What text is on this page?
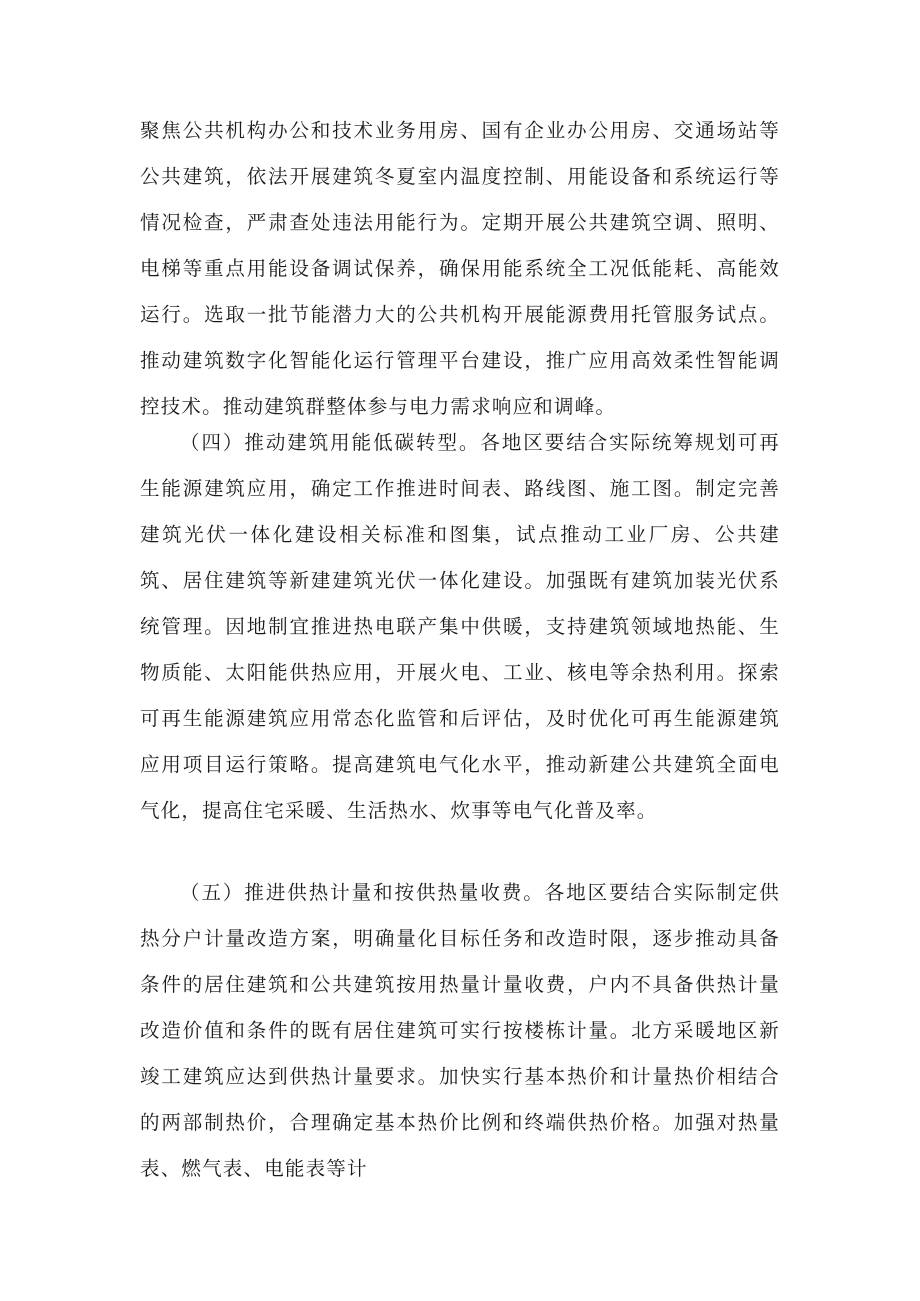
聚焦公共机构办公和技术业务用房、国有企业办公用房、交通场站等公共建筑，依法开展建筑冬夏室内温度控制、用能设备和系统运行等情况检查，严肃查处违法用能行为。定期开展公共建筑空调、照明、电梯等重点用能设备调试保养，确保用能系统全工况低能耗、高能效运行。选取一批节能潜力大的公共机构开展能源费用托管服务试点。推动建筑数字化智能化运行管理平台建设，推广应用高效柔性智能调控技术。推动建筑群整体参与电力需求响应和调峰。

（四）推动建筑用能低碳转型。各地区要结合实际统筹规划可再生能源建筑应用，确定工作推进时间表、路线图、施工图。制定完善建筑光伏一体化建设相关标准和图集，试点推动工业厂房、公共建筑、居住建筑等新建建筑光伏一体化建设。加强既有建筑加装光伏系统管理。因地制宜推进热电联产集中供暖，支持建筑领域地热能、生物质能、太阳能供热应用，开展火电、工业、核电等余热利用。探索可再生能源建筑应用常态化监管和后评估，及时优化可再生能源建筑应用项目运行策略。提高建筑电气化水平，推动新建公共建筑全面电气化，提高住宅采暖、生活热水、炊事等电气化普及率。

（五）推进供热计量和按供热量收费。各地区要结合实际制定供热分户计量改造方案，明确量化目标任务和改造时限，逐步推动具备条件的居住建筑和公共建筑按用热量计量收费，户内不具备供热计量改造价值和条件的既有居住建筑可实行按楼栋计量。北方采暖地区新竣工建筑应达到供热计量要求。加快实行基本热价和计量热价相结合的两部制热价，合理确定基本热价比例和终端供热价格。加强对热量表、燃气表、电能表等计
